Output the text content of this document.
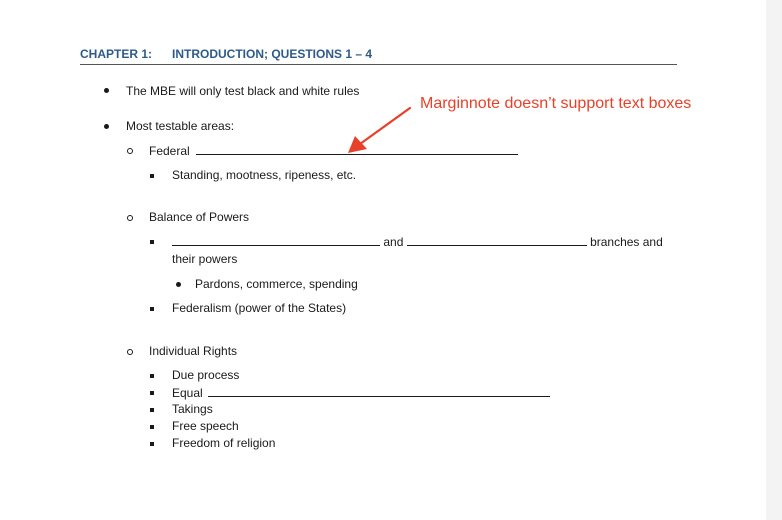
CHAPTER 1: INTRODUCTION; QUESTIONS 1 – 4
The MBE will only test black and white rules
Most testable areas:
Federal
Standing, mootness, ripeness, etc.
Balance of Powers
and	branches and
their powers
Pardons, commerce, spending
Federalism (power of the States)
Individual Rights
Due process
Equal
Takings
Free speech
Freedom of religion
Marginnote doesn’t support text boxes
